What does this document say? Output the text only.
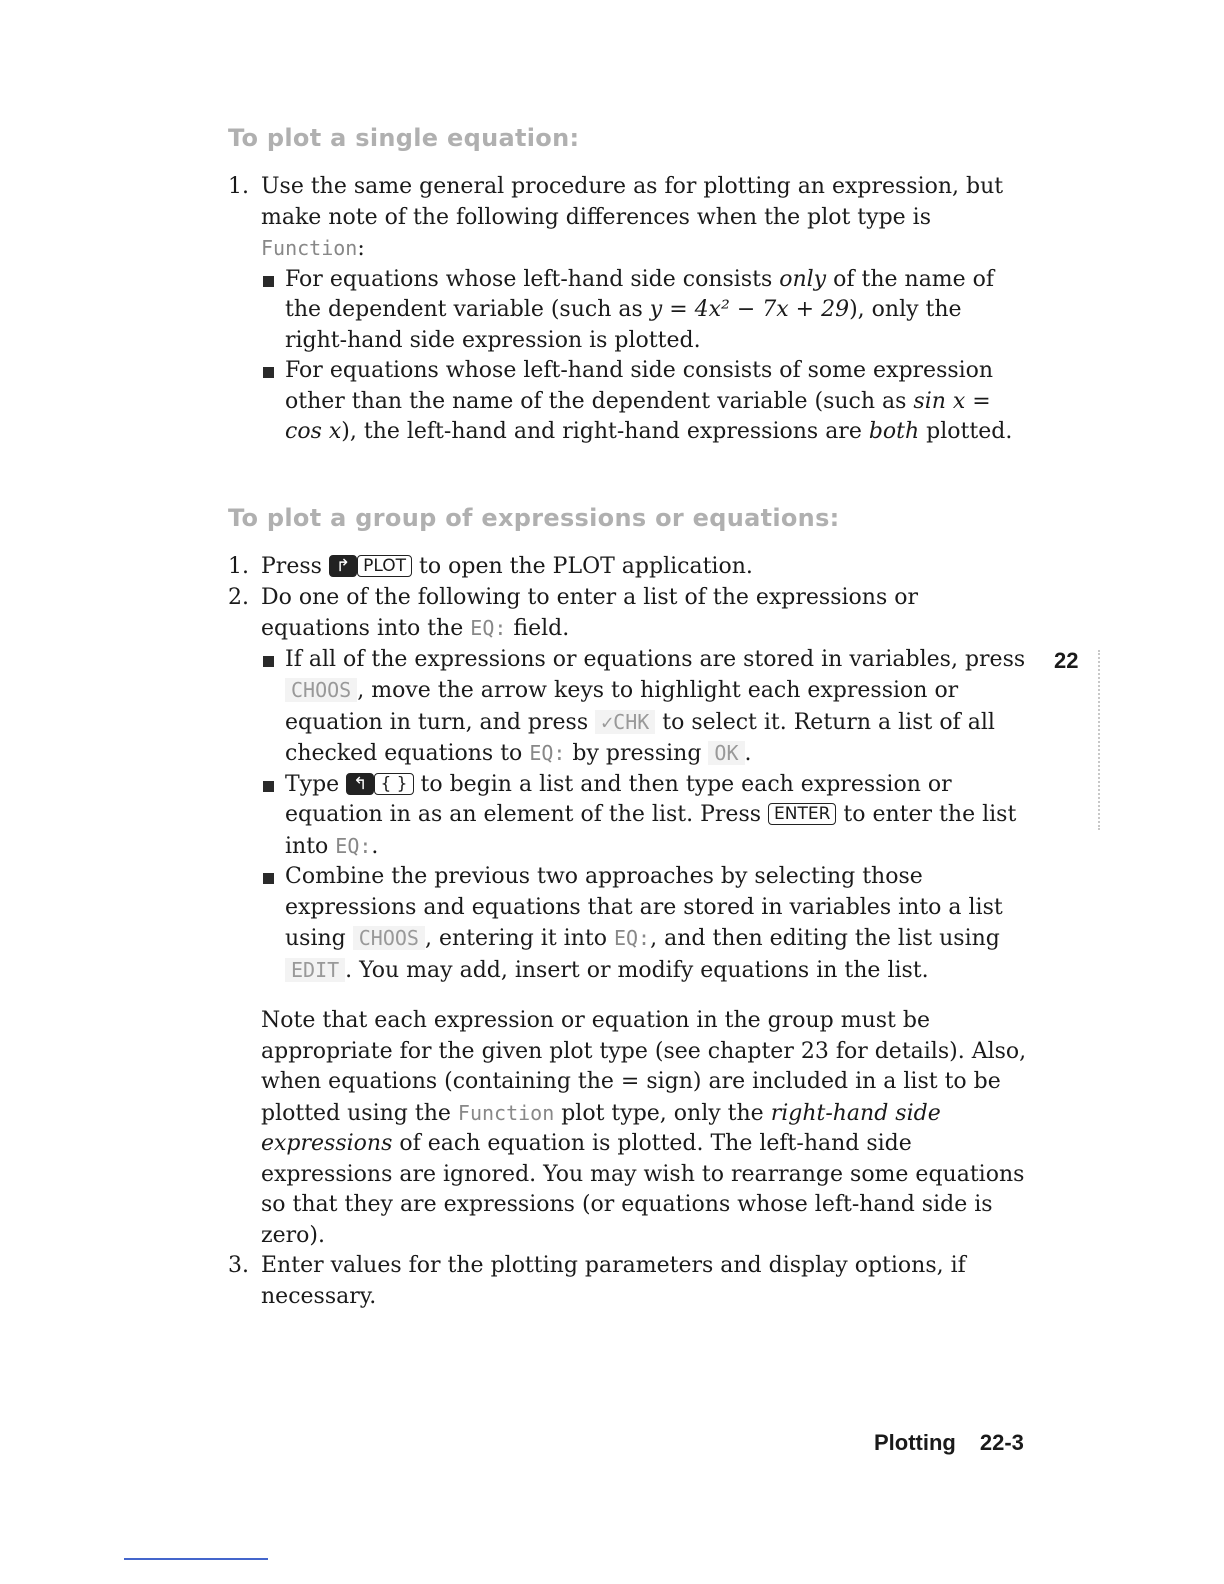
To plot a single equation:
1. Use the same general procedure as for plotting an expression, but make note of the following differences when the plot type is
Function:
For equations whose left-hand side consists only of the name of the dependent variable (such as y = 4x² − 7x + 29), only the right-hand side expression is plotted.
For equations whose left-hand side consists of some expression other than the name of the dependent variable (such as sin x = cos x), the left-hand and right-hand expressions are both plotted.
To plot a group of expressions or equations:
1. Press ↱ PLOT to open the PLOT application.
2. Do one of the following to enter a list of the expressions or equations into the EQ: field.
If all of the expressions or equations are stored in variables, press CHOOS , move the arrow keys to highlight each expression or equation in turn, and press ✓CHK to select it. Return a list of all checked equations to EQ: by pressing OK .
Type ↰ { } to begin a list and then type each expression or equation in as an element of the list. Press ENTER to enter the list into EQ:.
Combine the previous two approaches by selecting those expressions and equations that are stored in variables into a list using CHOOS , entering it into EQ:, and then editing the list using EDIT . You may add, insert or modify equations in the list.

Note that each expression or equation in the group must be appropriate for the given plot type (see chapter 23 for details). Also, when equations (containing the = sign) are included in a list to be plotted using the Function plot type, only the right-hand side expressions of each equation is plotted. The left-hand side expressions are ignored. You may wish to rearrange some equations so that they are expressions (or equations whose left-hand side is zero).

3. Enter values for the plotting parameters and display options, if necessary.
22
Plotting 22-3
